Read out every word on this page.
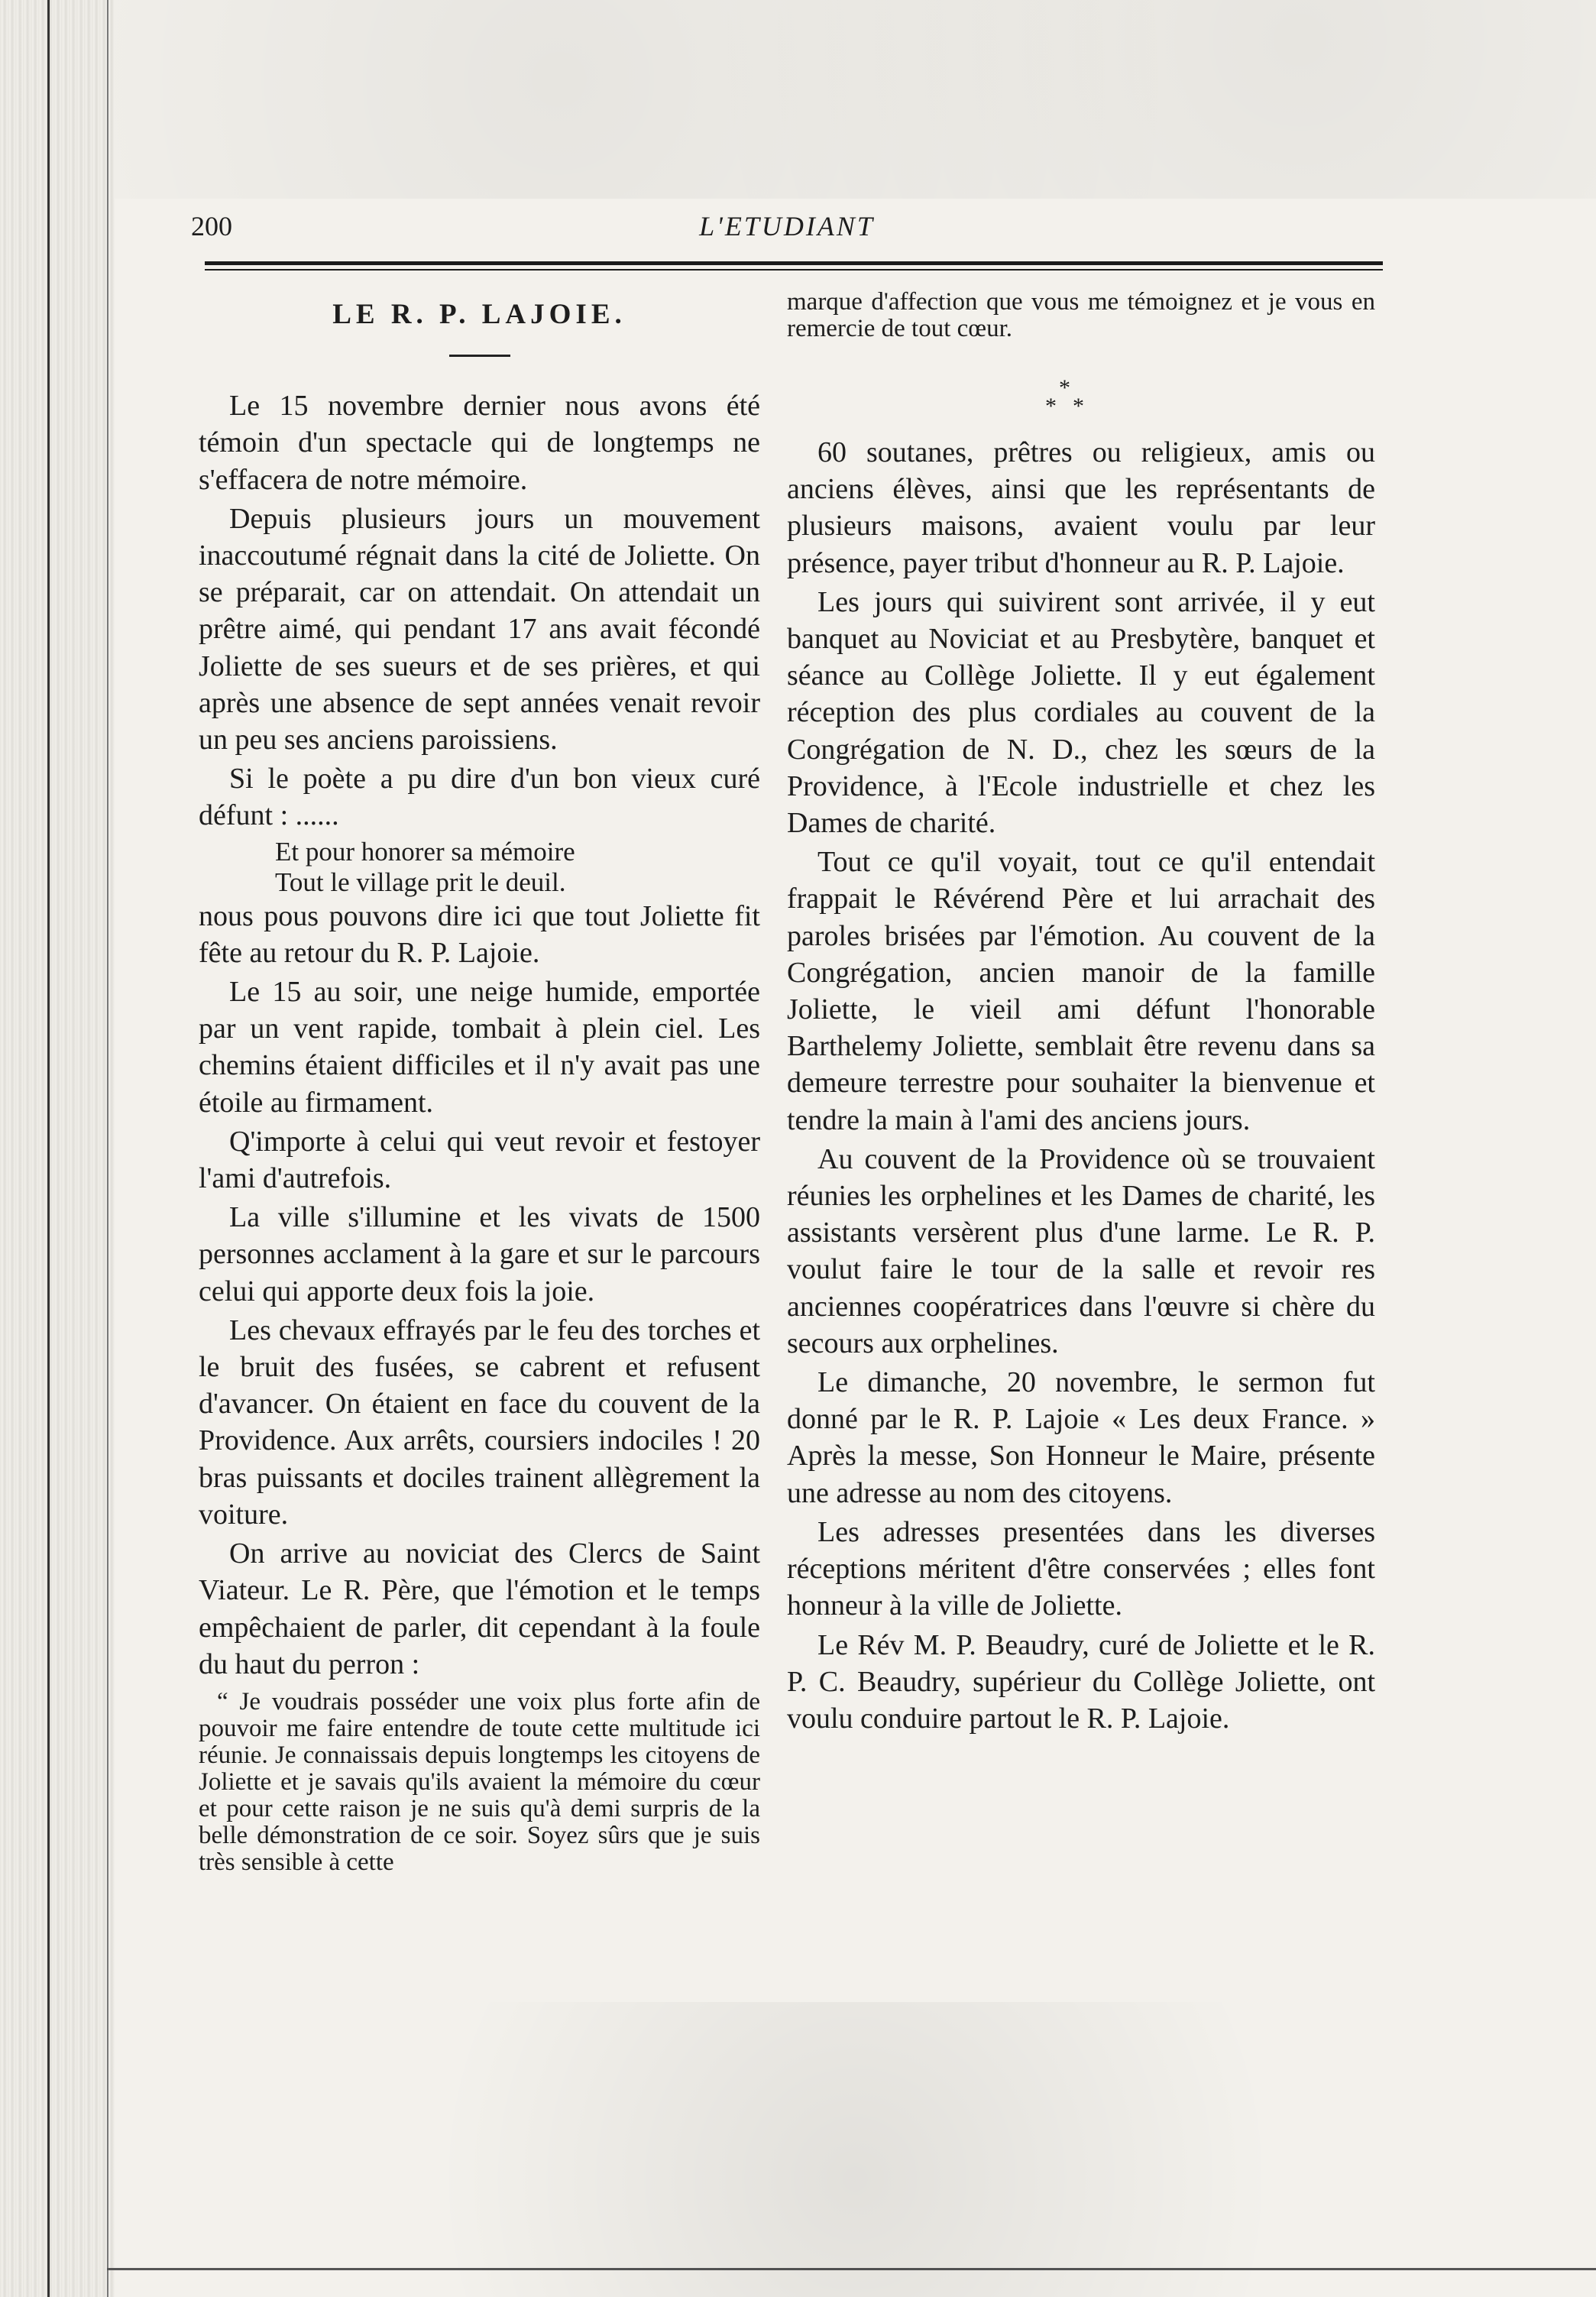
200	L'ETUDIANT
LE R. P. LAJOIE.

Le 15 novembre dernier nous avons été témoin d'un spectacle qui de longtemps ne s'effacera de notre mémoire.

Depuis plusieurs jours un mouvement inaccoutumé régnait dans la cité de Joliette. On se préparait, car on attendait. On attendait un prêtre aimé, qui pendant 17 ans avait fécondé Joliette de ses sueurs et de ses prières, et qui après une absence de sept années venait revoir un peu ses anciens paroissiens.

Si le poète a pu dire d'un bon vieux curé défunt : ......

Et pour honorer sa mémoire
Tout le village prit le deuil.

nous pous pouvons dire ici que tout Joliette fit fête au retour du R. P. Lajoie.

Le 15 au soir, une neige humide, emportée par un vent rapide, tombait à plein ciel. Les chemins étaient difficiles et il n'y avait pas une étoile au firmament.

Q'importe à celui qui veut revoir et festoyer l'ami d'autrefois.

La ville s'illumine et les vivats de 1500 personnes acclament à la gare et sur le parcours celui qui apporte deux fois la joie.

Les chevaux effrayés par le feu des torches et le bruit des fusées, se cabrent et refusent d'avancer. On étaient en face du couvent de la Providence. Aux arrêts, coursiers indociles ! 20 bras puissants et dociles trainent allègrement la voiture.

On arrive au noviciat des Clercs de Saint Viateur. Le R. Père, que l'émotion et le temps empêchaient de parler, dit cependant à la foule du haut du perron :

“ Je voudrais posséder une voix plus forte afin de pouvoir me faire entendre de toute cette multitude ici réunie. Je connaissais depuis longtemps les citoyens de Joliette et je savais qu'ils avaient la mémoire du cœur et pour cette raison je ne suis qu'à demi surpris de la belle démonstration de ce soir. Soyez sûrs que je suis très sensible à cette

marque d'affection que vous me témoignez et je vous en remercie de tout cœur.

*
* *

60 soutanes, prêtres ou religieux, amis ou anciens élèves, ainsi que les représentants de plusieurs maisons, avaient voulu par leur présence, payer tribut d'honneur au R. P. Lajoie.

Les jours qui suivirent sont arrivée, il y eut banquet au Noviciat et au Presbytère, banquet et séance au Collège Joliette. Il y eut également réception des plus cordiales au couvent de la Congrégation de N. D., chez les sœurs de la Providence, à l'Ecole industrielle et chez les Dames de charité.

Tout ce qu'il voyait, tout ce qu'il entendait frappait le Révérend Père et lui arrachait des paroles brisées par l'émotion. Au couvent de la Congrégation, ancien manoir de la famille Joliette, le vieil ami défunt l'honorable Barthelemy Joliette, semblait être revenu dans sa demeure terrestre pour souhaiter la bienvenue et tendre la main à l'ami des anciens jours.

Au couvent de la Providence où se trouvaient réunies les orphelines et les Dames de charité, les assistants versèrent plus d'une larme. Le R. P. voulut faire le tour de la salle et revoir res anciennes coopératrices dans l'œuvre si chère du secours aux orphelines.

Le dimanche, 20 novembre, le sermon fut donné par le R. P. Lajoie « Les deux France. » Après la messe, Son Honneur le Maire, présente une adresse au nom des citoyens.

Les adresses presentées dans les diverses réceptions méritent d'être conservées ; elles font honneur à la ville de Joliette.

Le Rév M. P. Beaudry, curé de Joliette et le R. P. C. Beaudry, supérieur du Collège Joliette, ont voulu conduire partout le R. P. Lajoie.
